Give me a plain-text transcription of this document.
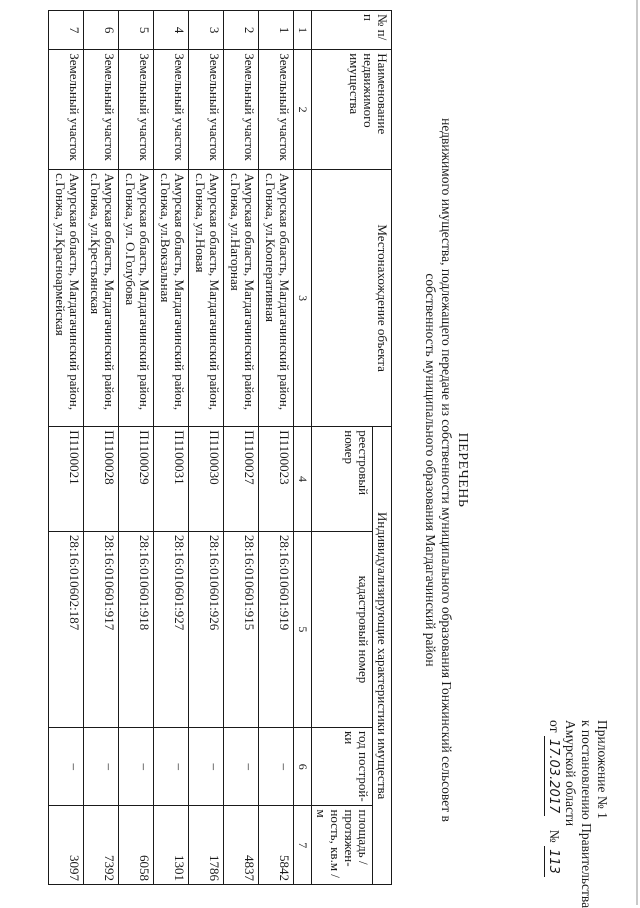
Приложение № 1
к постановлению Правительства
Амурской области
от 17.03.2017    № 113
ПЕРЕЧЕНЬ
недвижимого имущества, подлежащего передаче из собственности муниципального образования Гонжинский сельсовет в
собственность муниципального образования Магдагачинский район
№ п/п	Наименование недвижимого имущества	Местонахождение объекта	Индивидуализирующие характеристики имущества			
			реестровый номер	кадастровый номер	год построй-ки	площадь / протяжен-ность, кв.м / м
1	2	3	4	5	6	7
1	Земельный участок	Амурская область, Магдагачинский район, с.Гонжа, ул.Кооперативная	П1100023	28:16:010601:919	–	5842
2	Земельный участок	Амурская область, Магдагачинский район, с.Гонжа, ул.Нагорная	П1100027	28:16:010601:915	–	4837
3	Земельный участок	Амурская область, Магдагачинский район, с.Гонжа, ул.Новая	П1100030	28:16:010601:926	–	1786
4	Земельный участок	Амурская область, Магдагачинский район, с.Гонжа, ул.Вокзальная	П1100031	28:16:010601:927	–	1301
5	Земельный участок	Амурская область, Магдагачинский район, с.Гонжа, ул. О.Голубова	П1100029	28:16:010601:918	–	6058
6	Земельный участок	Амурская область, Магдагачинский район, с.Гонжа, ул.Крестьянская	П1100028	28:16:010601:917	–	7392
7	Земельный участок	Амурская область, Магдагачинский район, с.Гонжа, ул.Красноармейская	П1100021	28:16:010602:187	–	3097
